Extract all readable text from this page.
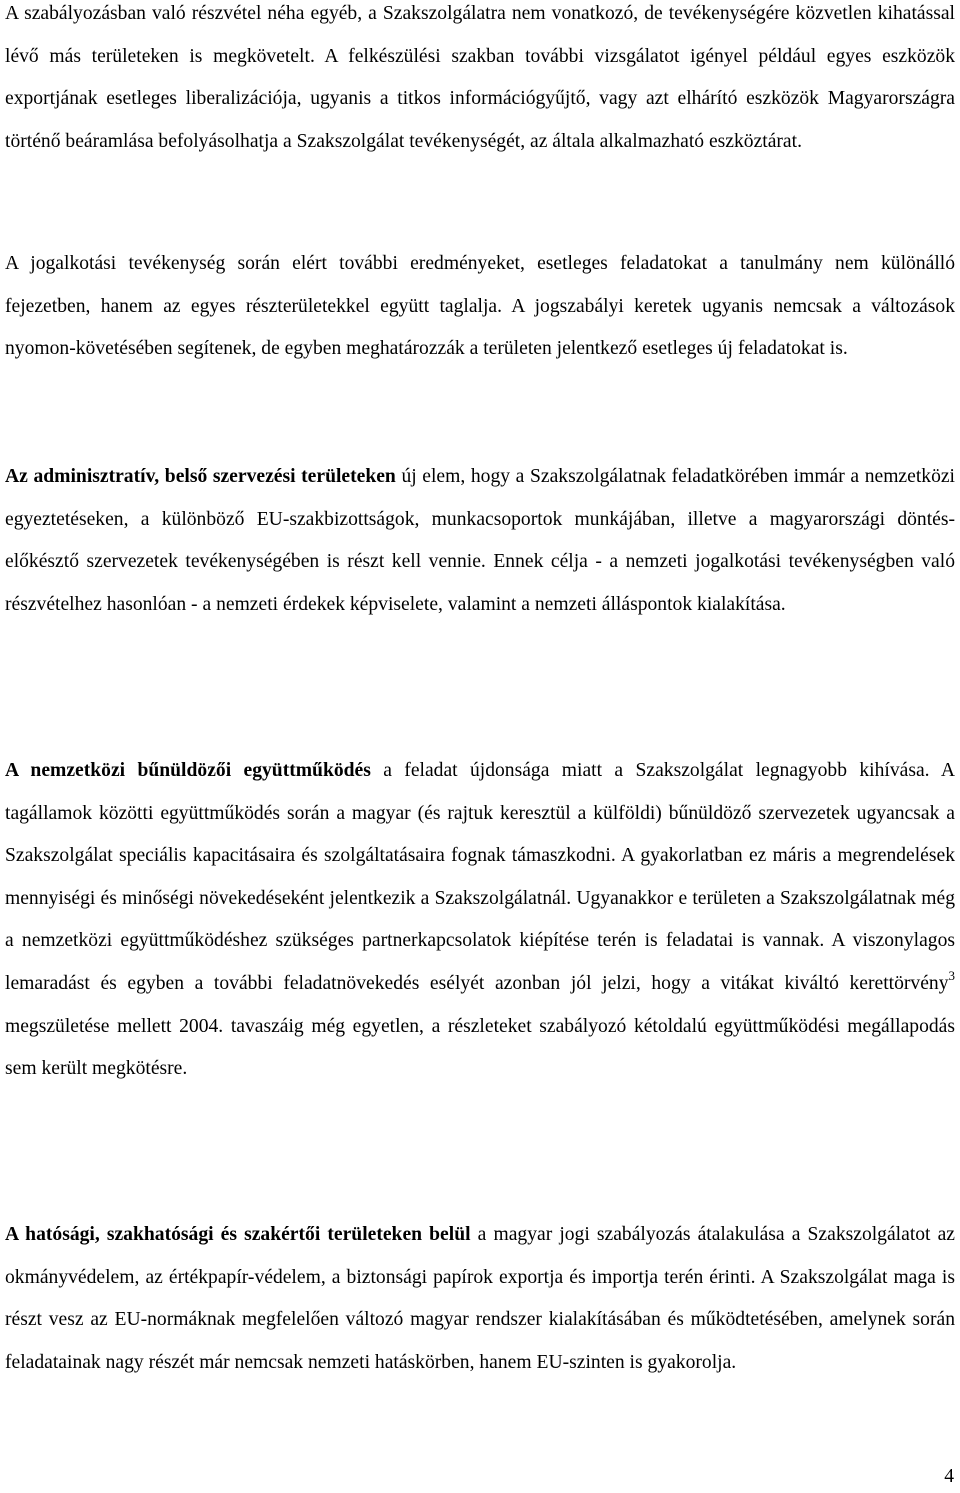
A szabályozásban való részvétel néha egyéb, a Szakszolgálatra nem vonatkozó, de tevékenységére közvetlen kihatással lévő más területeken is megkövetelt. A felkészülési szakban további vizsgálatot igényel például egyes eszközök exportjának esetleges liberalizációja, ugyanis a titkos információgyűjtő, vagy azt elhárító eszközök Magyarországra történő beáramlása befolyásolhatja a Szakszolgálat tevékenységét, az általa alkalmazható eszköztárat.

A jogalkotási tevékenység során elért további eredményeket, esetleges feladatokat a tanulmány nem különálló fejezetben, hanem az egyes részterületekkel együtt taglalja. A jogszabályi keretek ugyanis nemcsak a változások nyomon-követésében segítenek, de egyben meghatározzák a területen jelentkező esetleges új feladatokat is.

Az adminisztratív, belső szervezési területeken új elem, hogy a Szakszolgálatnak feladatkörében immár a nemzetközi egyeztetéseken, a különböző EU-szakbizottságok, munkacsoportok munkájában, illetve a magyarországi döntés-előkésztő szervezetek tevékenységében is részt kell vennie. Ennek célja - a nemzeti jogalkotási tevékenységben való részvételhez hasonlóan - a nemzeti érdekek képviselete, valamint a nemzeti álláspontok kialakítása.

A nemzetközi bűnüldözői együttműködés a feladat újdonsága miatt a Szakszolgálat legnagyobb kihívása. A tagállamok közötti együttműködés során a magyar (és rajtuk keresztül a külföldi) bűnüldöző szervezetek ugyancsak a Szakszolgálat speciális kapacitásaira és szolgáltatásaira fognak támaszkodni. A gyakorlatban ez máris a megrendelések mennyiségi és minőségi növekedéseként jelentkezik a Szakszolgálatnál. Ugyanakkor e területen a Szakszolgálatnak még a nemzetközi együttműködéshez szükséges partnerkapcsolatok kiépítése terén is feladatai is vannak. A viszonylagos lemaradást és egyben a további feladatnövekedés esélyét azonban jól jelzi, hogy a vitákat kiváltó kerettörvény$^3$ megszületése mellett 2004. tavaszáig még egyetlen, a részleteket szabályozó kétoldalú együttműködési megállapodás sem került megkötésre.

A hatósági, szakhatósági és szakértői területeken belül a magyar jogi szabályozás átalakulása a Szakszolgálatot az okmányvédelem, az értékpapír-védelem, a biztonsági papírok exportja és importja terén érinti. A Szakszolgálat maga is részt vesz az EU-normáknak megfelelően változó magyar rendszer kialakításában és működtetésében, amelynek során feladatainak nagy részét már nemcsak nemzeti hatáskörben, hanem EU-szinten is gyakorolja.

4
